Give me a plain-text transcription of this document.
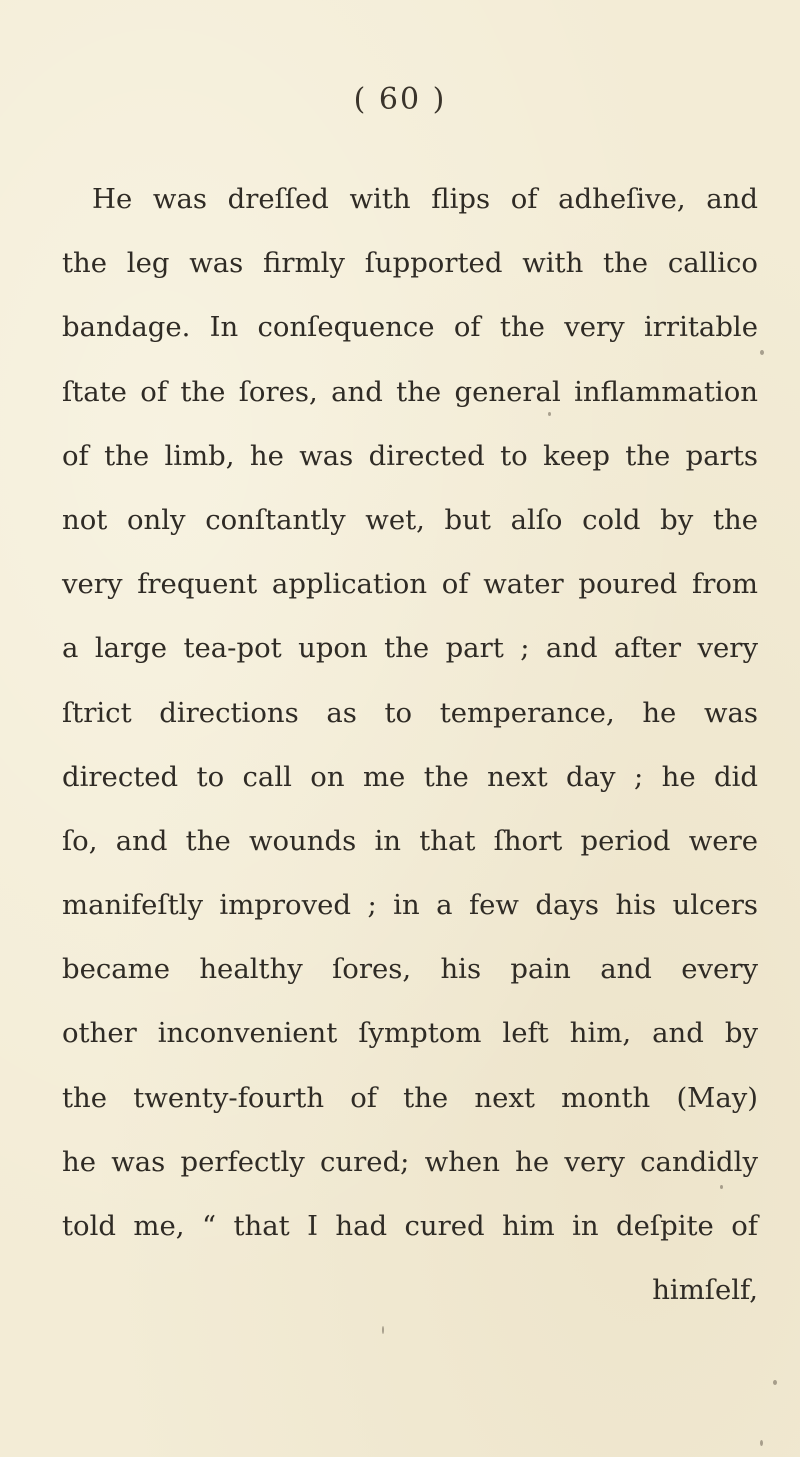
( 60 )
He was dreſſed with flips of adheſive, and
the leg was firmly ſupported with the callico
bandage. In conſequence of the very irritable
ſtate of the ſores, and the general inflammation
of the limb, he was directed to keep the parts
not only conſtantly wet, but alſo cold by the
very frequent application of water poured from
a large tea-pot upon the part ; and after very
ſtrict directions as to temperance, he was
directed to call on me the next day ; he did
ſo, and the wounds in that ſhort period were
manifeſtly improved ; in a few days his ulcers
became healthy ſores, his pain and every
other inconvenient ſymptom left him, and by
the twenty-fourth of the next month (May)
he was perfectly cured; when he very candidly
told me, “ that I had cured him in deſpite of
himſelf,
